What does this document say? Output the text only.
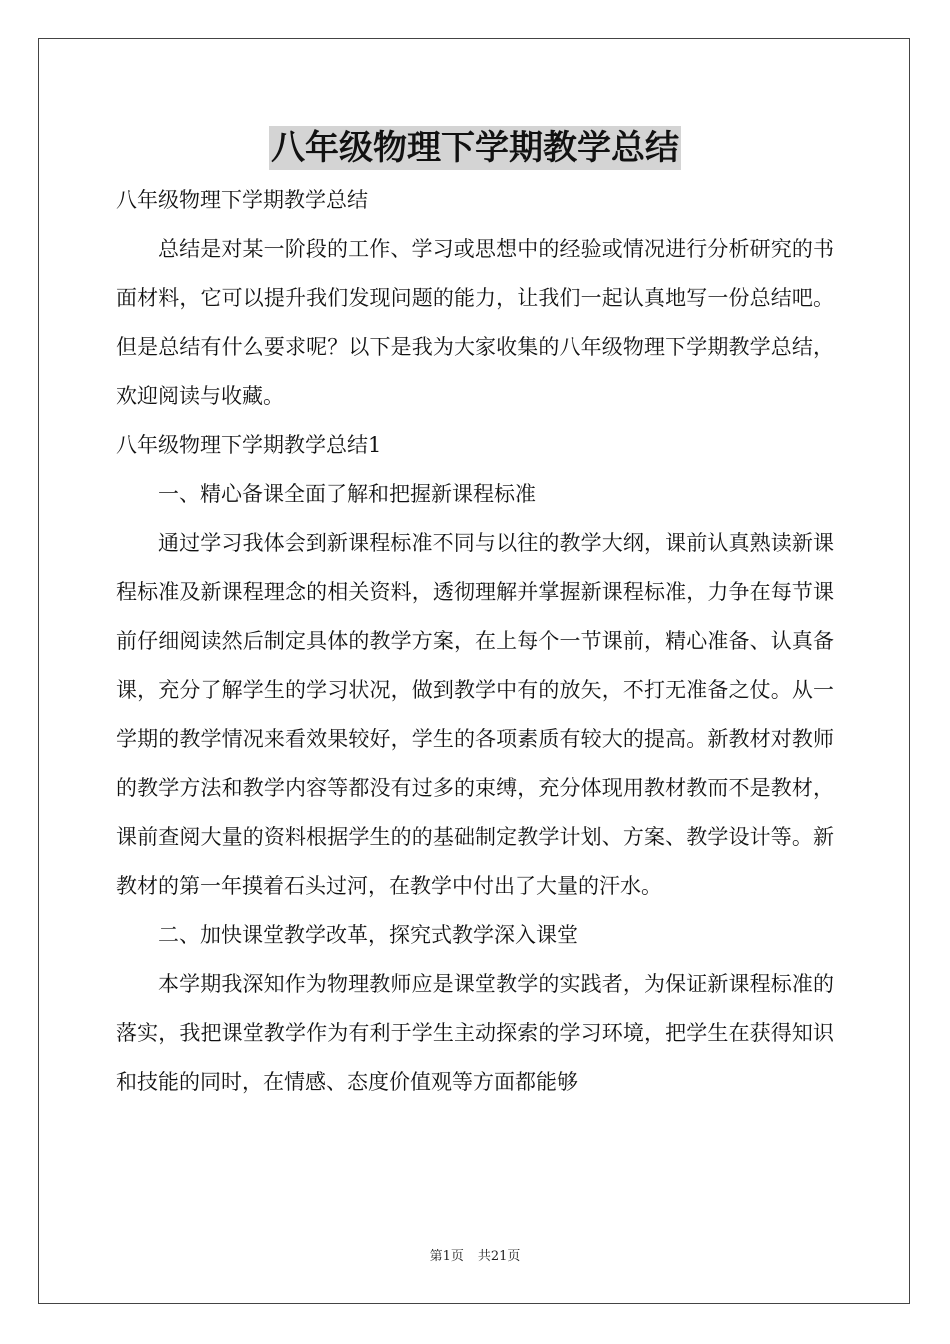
八年级物理下学期教学总结

八年级物理下学期教学总结

总结是对某一阶段的工作、学习或思想中的经验或情况进行分析研究的书面材料，它可以提升我们发现问题的能力，让我们一起认真地写一份总结吧。但是总结有什么要求呢？以下是我为大家收集的八年级物理下学期教学总结，欢迎阅读与收藏。

八年级物理下学期教学总结1

一、精心备课全面了解和把握新课程标准

通过学习我体会到新课程标准不同与以往的教学大纲，课前认真熟读新课程标准及新课程理念的相关资料，透彻理解并掌握新课程标准，力争在每节课前仔细阅读然后制定具体的教学方案，在上每个一节课前，精心准备、认真备课，充分了解学生的学习状况，做到教学中有的放矢，不打无准备之仗。从一学期的教学情况来看效果较好，学生的各项素质有较大的提高。新教材对教师的教学方法和教学内容等都没有过多的束缚，充分体现用教材教而不是教材，课前查阅大量的资料根据学生的的基础制定教学计划、方案、教学设计等。新教材的第一年摸着石头过河，在教学中付出了大量的汗水。

二、加快课堂教学改革，探究式教学深入课堂

本学期我深知作为物理教师应是课堂教学的实践者，为保证新课程标准的落实，我把课堂教学作为有利于学生主动探索的学习环境，把学生在获得知识和技能的同时，在情感、态度价值观等方面都能够

第1页 共21页
